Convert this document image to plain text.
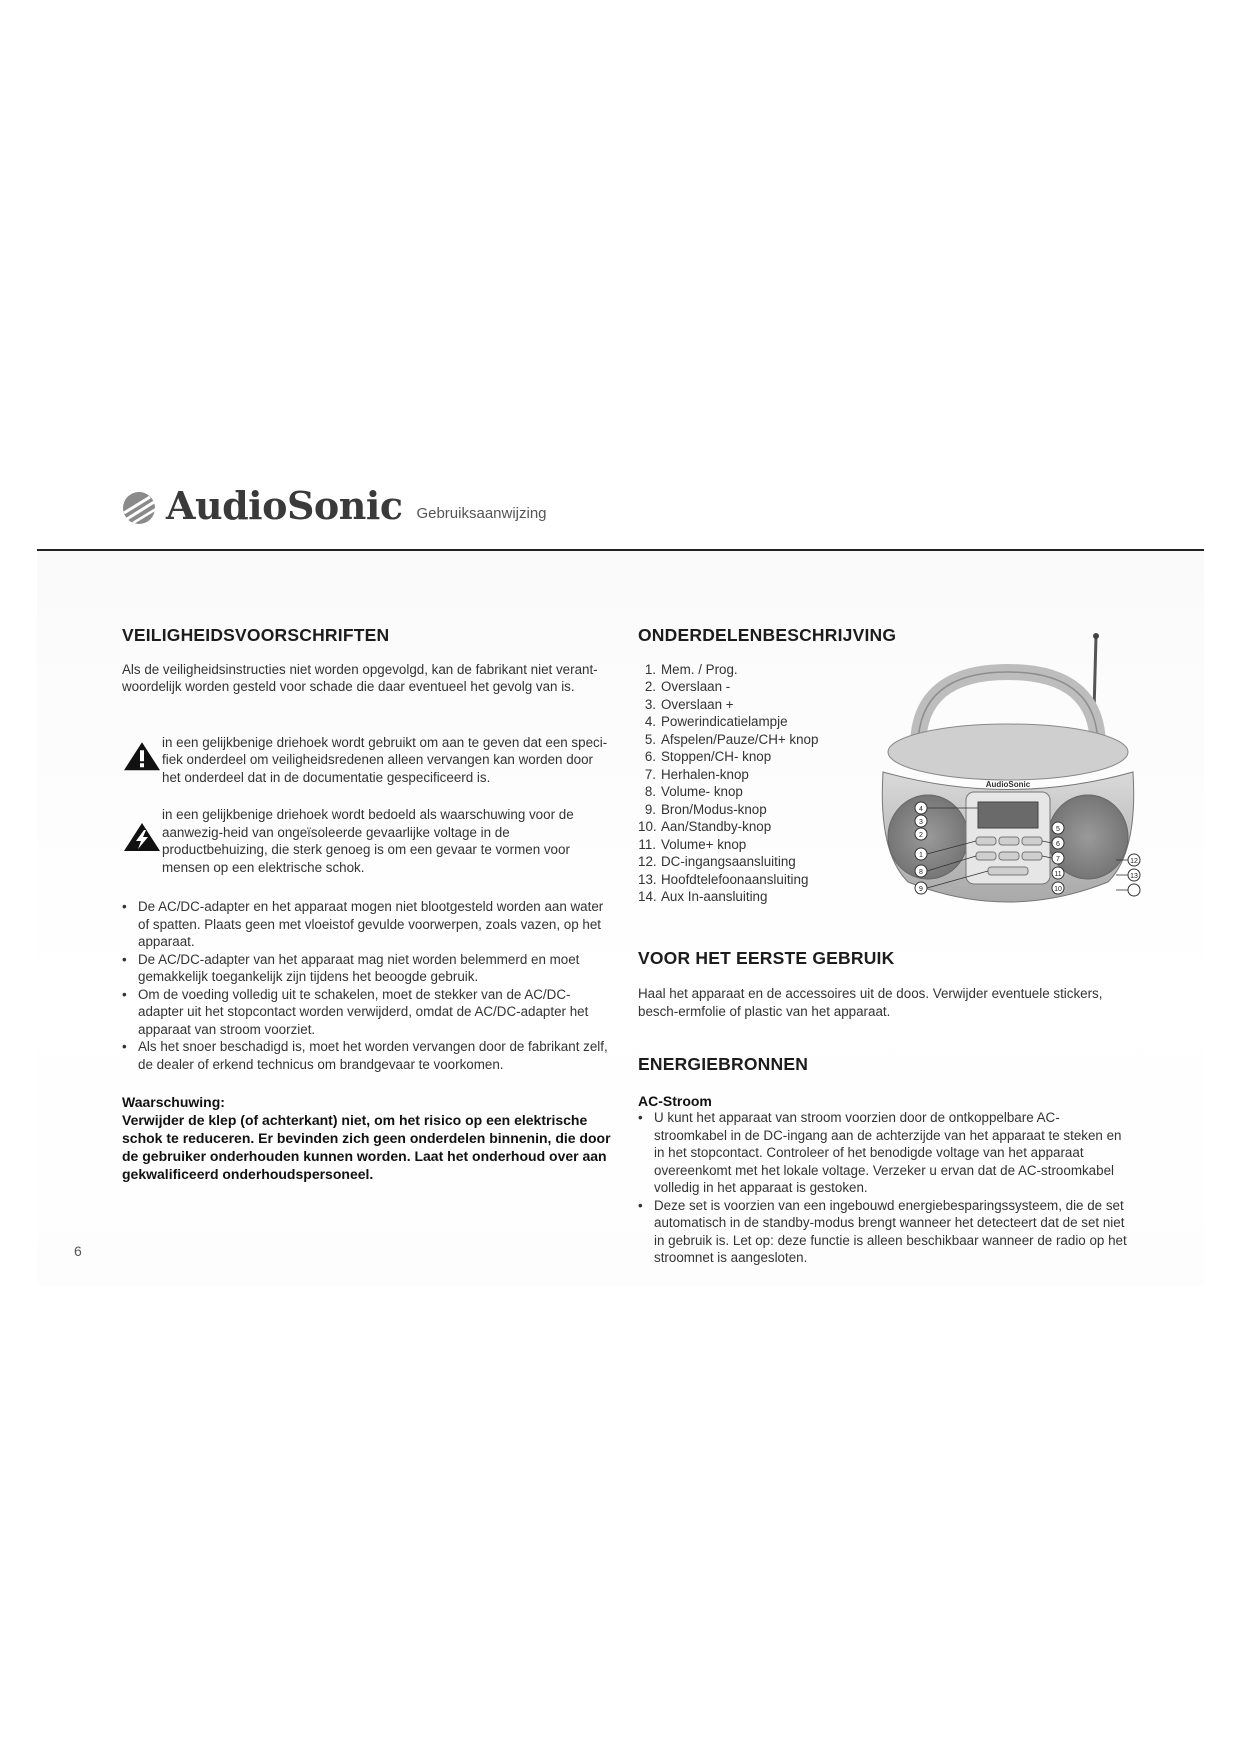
AudioSonic Gebruiksaanwijzing
VEILIGHEIDSVOORSCHRIFTEN

Als de veiligheidsinstructies niet worden opgevolgd, kan de fabrikant niet verant-woordelijk worden gesteld voor schade die daar eventueel het gevolg van is.

in een gelijkbenige driehoek wordt gebruikt om aan te geven dat een speci-fiek onderdeel om veiligheidsredenen alleen vervangen kan worden door het onderdeel dat in de documentatie gespecificeerd is.

in een gelijkbenige driehoek wordt bedoeld als waarschuwing voor de aanwezig-heid van ongeïsoleerde gevaarlijke voltage in de productbehuizing, die sterk genoeg is om een gevaar te vormen voor mensen op een elektrische schok.

• De AC/DC-adapter en het apparaat mogen niet blootgesteld worden aan water of spatten. Plaats geen met vloeistof gevulde voorwerpen, zoals vazen, op het apparaat.
• De AC/DC-adapter van het apparaat mag niet worden belemmerd en moet gemakkelijk toegankelijk zijn tijdens het beoogde gebruik.
• Om de voeding volledig uit te schakelen, moet de stekker van de AC/DC-adapter uit het stopcontact worden verwijderd, omdat de AC/DC-adapter het apparaat van stroom voorziet.
• Als het snoer beschadigd is, moet het worden vervangen door de fabrikant zelf, de dealer of erkend technicus om brandgevaar te voorkomen.
Waarschuwing:
Verwijder de klep (of achterkant) niet, om het risico op een elektrische schok te reduceren. Er bevinden zich geen onderdelen binnenin, die door de gebruiker onderhouden kunnen worden. Laat het onderhoud over aan gekwalificeerd onderhoudspersoneel.
ONDERDELENBESCHRIJVING
1. Mem. / Prog.
2. Overslaan -
3. Overslaan +
4. Powerindicatielampje
5. Afspelen/Pauze/CH+ knop
6. Stoppen/CH- knop
7. Herhalen-knop
8. Volume- knop
9. Bron/Modus-knop
10. Aan/Standby-knop
11. Volume+ knop
12. DC-ingangsaansluiting
13. Hoofdtelefoonaansluiting
14. Aux In-aansluiting
AudioSonic
4
3
2
1
8
9
5
6
7
11
10
12
13
VOOR HET EERSTE GEBRUIK

Haal het apparaat en de accessoires uit de doos. Verwijder eventuele stickers, besch-ermfolie of plastic van het apparaat.

ENERGIEBRONNEN
AC-Stroom
• U kunt het apparaat van stroom voorzien door de ontkoppelbare AC-stroomkabel in de DC-ingang aan de achterzijde van het apparaat te steken en in het stopcontact. Controleer of het benodigde voltage van het apparaat overeenkomt met het lokale voltage. Verzeker u ervan dat de AC-stroomkabel volledig in het apparaat is gestoken.
• Deze set is voorzien van een ingebouwd energiebesparingssysteem, die de set automatisch in de standby-modus brengt wanneer het detecteert dat de set niet in gebruik is. Let op: deze functie is alleen beschikbaar wanneer de radio op het stroomnet is aangesloten.
6
